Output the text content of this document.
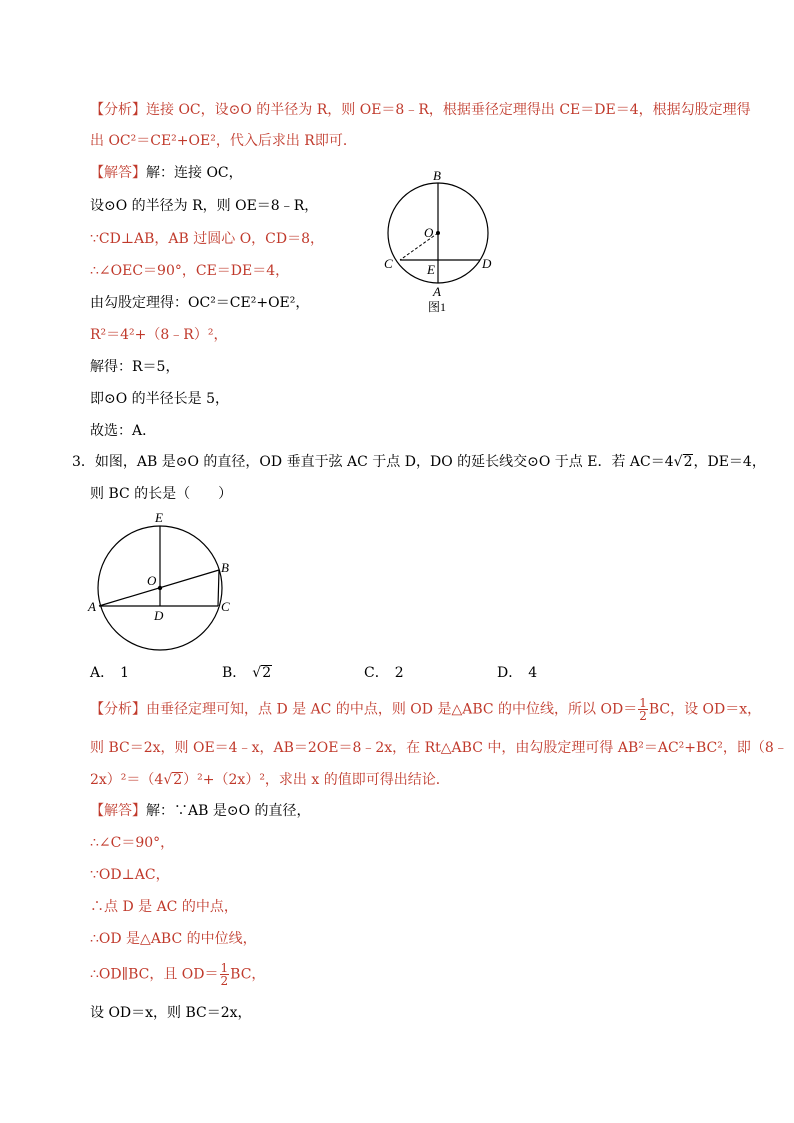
【分析】连接 OC，设⊙O 的半径为 R，则 OE＝8﹣R，根据垂径定理得出 CE＝DE＝4，根据勾股定理得
出 OC²＝CE²+OE²，代入后求出 R即可．
【解答】解：连接 OC，
设⊙O 的半径为 R，则 OE＝8﹣R，
∵CD⊥AB，AB 过圆心 O，CD＝8，
∴∠OEC＝90°，CE＝DE＝4，
由勾股定理得：OC²＝CE²+OE²，
R²＝4²+（8﹣R）²，
解得：R＝5，
即⊙O 的半径长是 5，
故选：A．
B
O
C	E	D
A
图1
3．如图，AB 是⊙O 的直径，OD 垂直于弦 AC 于点 D，DO 的延长线交⊙O 于点 E．若 AC＝4√2，DE＝4，
则 BC 的长是（　　）
E
B
O
A
D
C
A． 1	B． √2	C． 2	D． 4
【分析】由垂径定理可知，点 D 是 AC 的中点，则 OD 是△ABC 的中位线，所以 $OD= \frac{1}{2}$ BC，设 OD＝x，
则 BC＝2x，则 OE＝4﹣x，AB＝2OE＝8﹣2x，在 Rt△ABC 中，由勾股定理可得 AB²＝AC²+BC²，即（8﹣
2x）²＝（4√2）²+（2x）²，求出 x 的值即可得出结论．
【解答】解：∵AB 是⊙O 的直径，
∴∠C＝90°，
∵OD⊥AC，
∴点 D 是 AC 的中点，
∴OD 是△ABC 的中位线，
∴OD∥BC，且 $OD= \frac{1}{2}$ BC，
设 OD＝x，则 BC＝2x，
